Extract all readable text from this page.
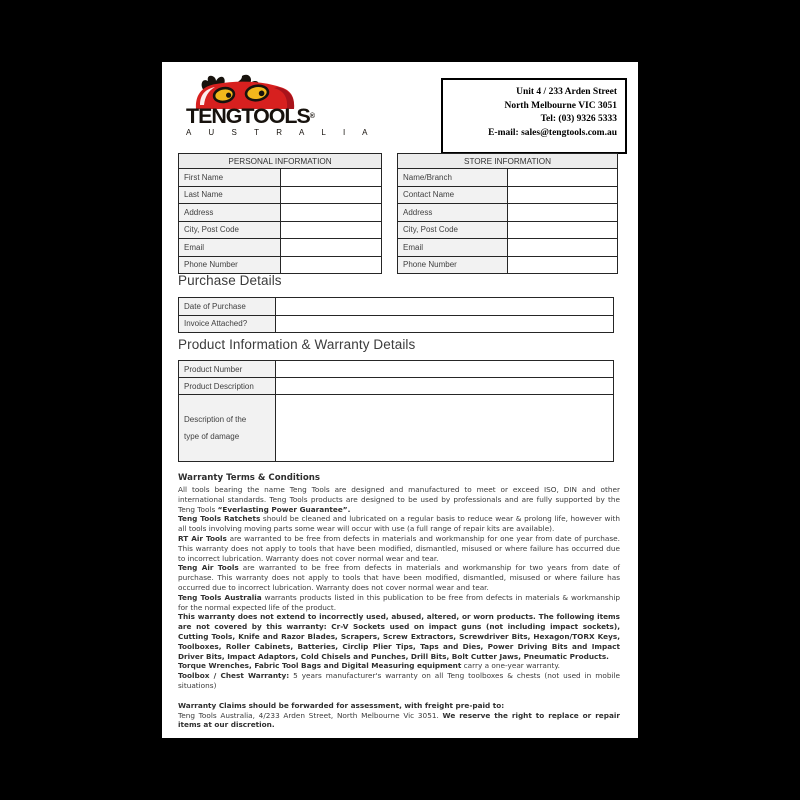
TENGTOOLS®
A U S T R A L I A
Unit 4 / 233 Arden Street
North Melbourne VIC 3051
Tel: (03) 9326 5333
E-mail: sales@tengtools.com.au
PERSONAL INFORMATION	
First Name	
Last Name	
Address	
City, Post Code	
Email	
Phone Number	
STORE INFORMATION	
Name/Branch	
Contact Name	
Address	
City, Post Code	
Email	
Phone Number	
Purchase Details
Date of Purchase	
Invoice Attached?	
Product Information & Warranty Details
Product Number	
Product Description	

Description of the
type of damage	

Warranty Terms & Conditions

All tools bearing the name Teng Tools are designed and manufactured to meet or exceed ISO, DIN and other international standards. Teng Tools products are designed to be used by professionals and are fully supported by the Teng Tools “Everlasting Power Guarantee”.

Teng Tools Ratchets should be cleaned and lubricated on a regular basis to reduce wear & prolong life, however with all tools involving moving parts some wear will occur with use (a full range of repair kits are available).

RT Air Tools are warranted to be free from defects in materials and workmanship for one year from date of purchase. This warranty does not apply to tools that have been modified, dismantled, misused or where failure has occurred due to incorrect lubrication. Warranty does not cover normal wear and tear.

Teng Air Tools are warranted to be free from defects in materials and workmanship for two years from date of purchase. This warranty does not apply to tools that have been modified, dismantled, misused or where failure has occurred due to incorrect lubrication. Warranty does not cover normal wear and tear.

Teng Tools Australia warrants products listed in this publication to be free from defects in materials & workmanship for the normal expected life of the product.

This warranty does not extend to incorrectly used, abused, altered, or worn products. The following items are not covered by this warranty: Cr-V Sockets used on impact guns (not including impact sockets), Cutting Tools, Knife and Razor Blades, Scrapers, Screw Extractors, Screwdriver Bits, Hexagon/TORX Keys, Toolboxes, Roller Cabinets, Batteries, Circlip Plier Tips, Taps and Dies, Power Driving Bits and Impact Driver Bits, Impact Adaptors, Cold Chisels and Punches, Drill Bits, Bolt Cutter Jaws, Pneumatic Products.

Torque Wrenches, Fabric Tool Bags and Digital Measuring equipment carry a one-year warranty.

Toolbox / Chest Warranty: 5 years manufacturer's warranty on all Teng toolboxes & chests (not used in mobile situations)

Warranty Claims should be forwarded for assessment, with freight pre-paid to:

Teng Tools Australia, 4/233 Arden Street, North Melbourne Vic 3051. We reserve the right to replace or repair items at our discretion.
